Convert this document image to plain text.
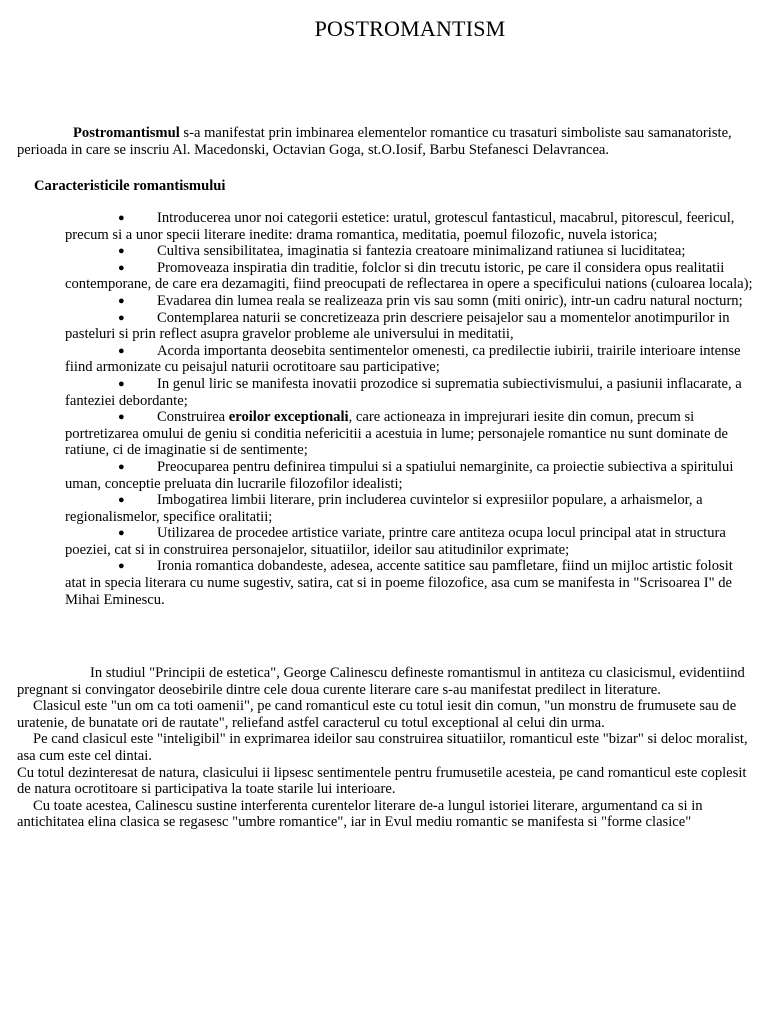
POSTROMANTISM

Postromantismul s-a manifestat prin imbinarea elementelor romantice cu trasaturi simboliste sau samanatoriste, perioada in care se inscriu Al. Macedonski, Octavian Goga, st.O.Iosif, Barbu Stefanesci Delavrancea.

Caracteristicile romantismului

● Introducerea unor noi categorii estetice: uratul, grotescul fantasticul, macabrul, pitorescul, feericul, precum si a unor specii literare inedite: drama romantica, meditatia, poemul filozofic, nuvela istorica;
● Cultiva sensibilitatea, imaginatia si fantezia creatoare minimalizand ratiunea si luciditatea;
● Promoveaza inspiratia din traditie, folclor si din trecutu istoric, pe care il considera opus realitatii contemporane, de care era dezamagiti, fiind preocupati de reflectarea in opere a specificului nations (culoarea locala);
● Evadarea din lumea reala se realizeaza prin vis sau somn (miti oniric), intr-un cadru natural nocturn;
● Contemplarea naturii se concretizeaza prin descriere peisajelor sau a momentelor anotimpurilor in pasteluri si prin reflect asupra gravelor probleme ale universului in meditatii,
● Acorda importanta deosebita sentimentelor omenesti, ca predilectie iubirii, trairile interioare intense fiind armonizate cu peisajul naturii ocrotitoare sau participative;
● In genul liric se manifesta inovatii prozodice si suprematia subiectivismului, a pasiunii inflacarate, a fanteziei debordante;
● Construirea eroilor exceptionali, care actioneaza in imprejurari iesite din comun, precum si portretizarea omului de geniu si conditia nefericitii a acestuia in lume; personajele romantice nu sunt dominate de ratiune, ci de imaginatie si de sentimente;
● Preocuparea pentru definirea timpului si a spatiului nemarginite, ca proiectie subiectiva a spiritului uman, conceptie preluata din lucrarile filozofilor idealisti;
● Imbogatirea limbii literare, prin includerea cuvintelor si expresiilor populare, a arhaismelor, a regionalismelor, specifice oralitatii;
● Utilizarea de procedee artistice variate, printre care antiteza ocupa locul principal atat in structura poeziei, cat si in construirea personajelor, situatiilor, ideilor sau atitudinilor exprimate;
● Ironia romantica dobandeste, adesea, accente satitice sau pamfletare, fiind un mijloc artistic folosit atat in specia literara cu nume sugestiv, satira, cat si in poeme filozofice, asa cum se manifesta in "Scrisoarea I" de Mihai Eminescu.

In studiul "Principii de estetica", George Calinescu defineste romantismul in antiteza cu clasicismul, evidentiind pregnant si convingator deosebirile dintre cele doua curente literare care s-au manifestat predilect in literature.

Clasicul este "un om ca toti oamenii", pe cand romanticul este cu totul iesit din comun, "un monstru de frumusete sau de uratenie, de bunatate ori de rautate", reliefand astfel caracterul cu totul exceptional al celui din urma.

Pe cand clasicul este "inteligibil" in exprimarea ideilor sau construirea situatiilor, romanticul este "bizar" si deloc moralist, asa cum este cel dintai.

Cu totul dezinteresat de natura, clasicului ii lipsesc sentimentele pentru frumusetile acesteia, pe cand romanticul este coplesit de natura ocrotitoare si participativa la toate starile lui interioare.

Cu toate acestea, Calinescu sustine interferenta curentelor literare de-a lungul istoriei literare, argumentand ca si in antichitatea elina clasica se regasesc "umbre romantice", iar in Evul mediu romantic se manifesta si "forme clasice"
